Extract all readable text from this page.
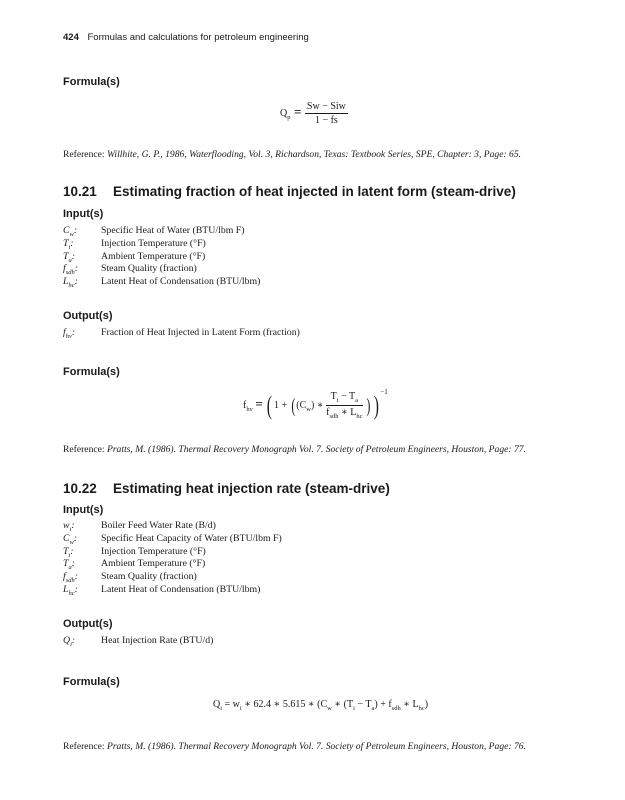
424 Formulas and calculations for petroleum engineering
Formula(s)
$Q_p = \frac{\text{Sw − Siw}}{1 - fs}$
Reference: Willhite, G. P., 1986, Waterflooding, Vol. 3, Richardson, Texas: Textbook Series, SPE, Chapter: 3, Page: 65.
10.21 Estimating fraction of heat injected in latent form (steam-drive)
Input(s)
$C_w$: Specific Heat of Water (BTU/lbm F)
$T_i$:	Injection Temperature (°F)
$T_a$:	Ambient Temperature (°F)
$f_{sdh}$: Steam Quality (fraction)
$L_{hc}$: Latent Heat of Condensation (BTU/lbm)
Output(s)
$f_{hv}$:	Fraction of Heat Injected in Latent Form (fraction)
Formula(s)
$f_{hv}$ = ( $1 + ((C_w)$ ∗ $\frac{T_i - T_a}{f_{sdh} ∗ L_{hc}}$ ) ) $^{-1}$
Reference: Pratts, M. (1986). Thermal Recovery Monograph Vol. 7. Society of Petroleum Engineers, Houston, Page: 77.
10.22 Estimating heat injection rate (steam-drive)
Input(s)
$w_i$:	Boiler Feed Water Rate (B/d)
$C_w$: Specific Heat Capacity of Water (BTU/lbm F)
$T_i$:	Injection Temperature (°F)
$T_a$:	Ambient Temperature (°F)
$f_{sdh}$: Steam Quality (fraction)
$L_{hc}$: Latent Heat of Condensation (BTU/lbm)
Output(s)
$Q_i$:	Heat Injection Rate (BTU/d)
Formula(s)
$Q_i = w_i$ ∗ 62.4 ∗ 5.615 ∗ ($C_w$ ∗ $(T_i - T_a) + f_{sdh}$ ∗ $L_{hc}$)
Reference: Pratts, M. (1986). Thermal Recovery Monograph Vol. 7. Society of Petroleum Engineers, Houston, Page: 76.
